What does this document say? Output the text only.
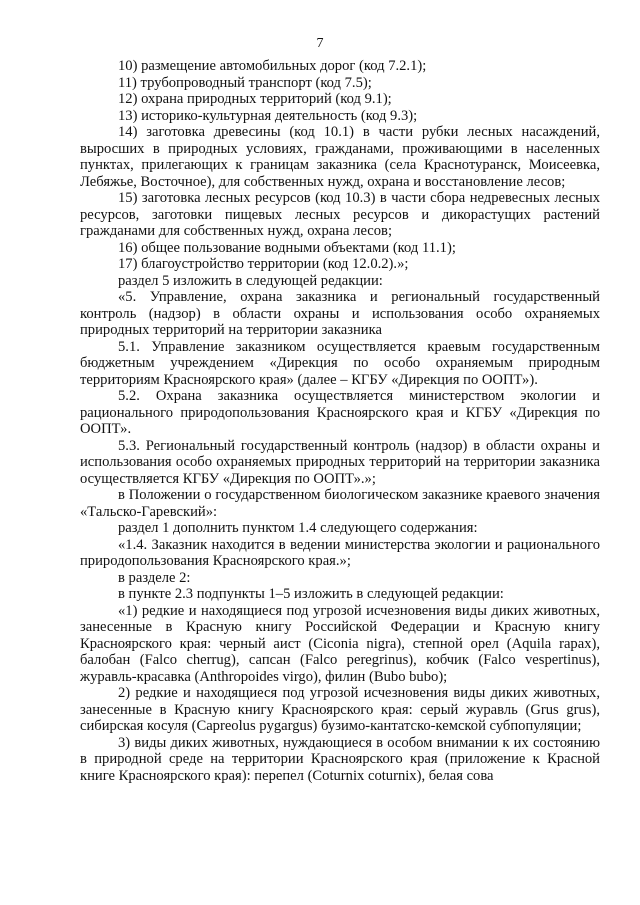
7

10) размещение автомобильных дорог (код 7.2.1);

11) трубопроводный транспорт (код 7.5);

12) охрана природных территорий (код 9.1);

13) историко-культурная деятельность (код 9.3);

14) заготовка древесины (код 10.1) в части рубки лесных насаждений, выросших в природных условиях, гражданами, проживающими в населенных пунктах, прилегающих к границам заказника (села Краснотуранск, Моисеевка, Лебяжье, Восточное), для собственных нужд, охрана и восстановление лесов;

15) заготовка лесных ресурсов (код 10.3) в части сбора недревесных лесных ресурсов, заготовки пищевых лесных ресурсов и дикорастущих растений гражданами для собственных нужд, охрана лесов;

16) общее пользование водными объектами (код 11.1);

17) благоустройство территории (код 12.0.2).»;

раздел 5 изложить в следующей редакции:

«5. Управление, охрана заказника и региональный государственный контроль (надзор) в области охраны и использования особо охраняемых природных территорий на территории заказника

5.1. Управление заказником осуществляется краевым государственным бюджетным учреждением «Дирекция по особо охраняемым природным территориям Красноярского края» (далее – КГБУ «Дирекция по ООПТ»).

5.2. Охрана заказника осуществляется министерством экологии и рационального природопользования Красноярского края и КГБУ «Дирекция по ООПТ».

5.3. Региональный государственный контроль (надзор) в области охраны и использования особо охраняемых природных территорий на территории заказника осуществляется КГБУ «Дирекция по ООПТ».»;

в Положении о государственном биологическом заказнике краевого значения «Тальско-Гаревский»:

раздел 1 дополнить пунктом 1.4 следующего содержания:

«1.4. Заказник находится в ведении министерства экологии и рационального природопользования Красноярского края.»;

в разделе 2:

в пункте 2.3 подпункты 1–5 изложить в следующей редакции:

«1) редкие и находящиеся под угрозой исчезновения виды диких животных, занесенные в Красную книгу Российской Федерации и Красную книгу Красноярского края: черный аист (Ciconia nigra), степной орел (Aquila rapax), балобан (Falco cherrug), сапсан (Falco peregrinus), кобчик (Falco vespertinus), журавль-красавка (Anthropoides virgo), филин (Bubo bubo);

2) редкие и находящиеся под угрозой исчезновения виды диких животных, занесенные в Красную книгу Красноярского края: серый журавль (Grus grus), сибирская косуля (Capreolus pygargus) бузимо-кантатско-кемской субпопуляции;

3) виды диких животных, нуждающиеся в особом внимании к их состоянию в природной среде на территории Красноярского края (приложение к Красной книге Красноярского края): перепел (Coturnix coturnix), белая сова
